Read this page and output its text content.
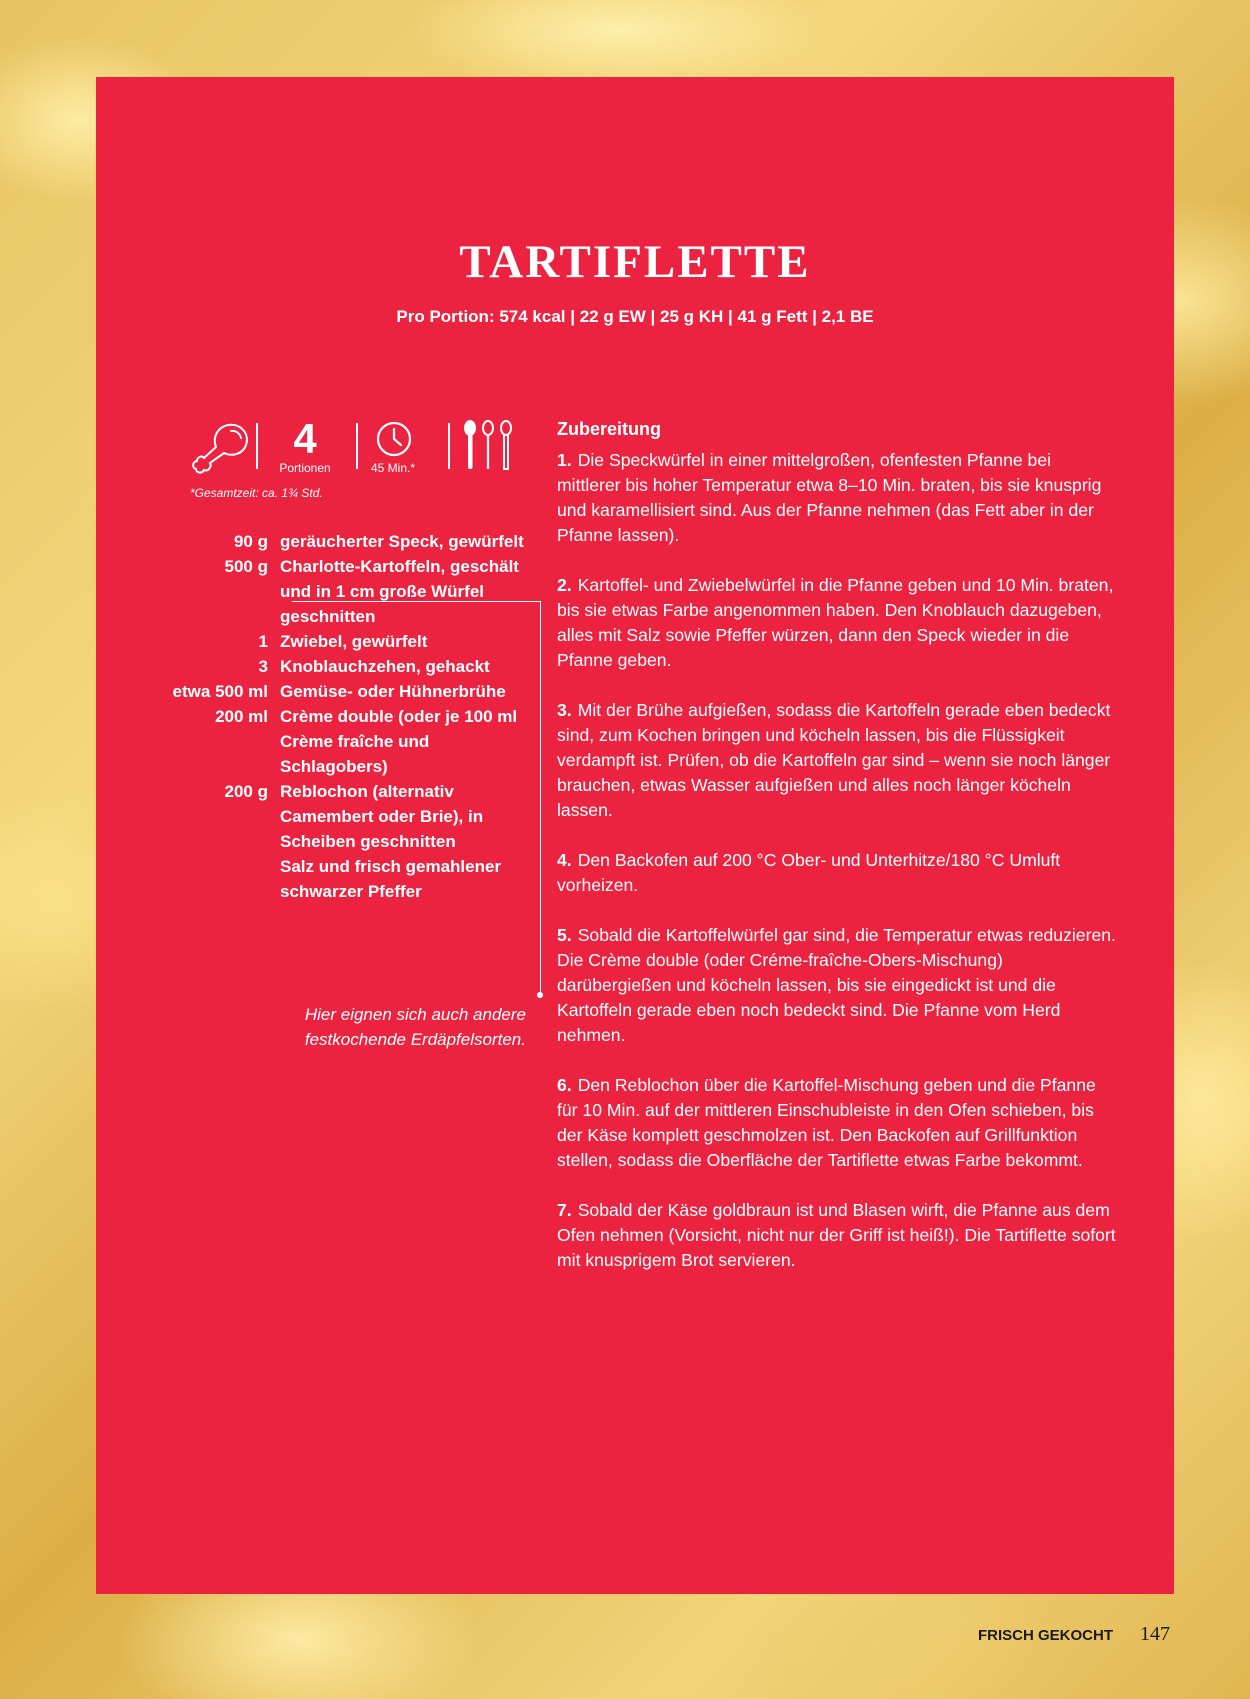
TARTIFLETTE
Pro Portion: 574 kcal | 22 g EW | 25 g KH | 41 g Fett | 2,1 BE
4
Portionen	45 Min.*
*Gesamtzeit: ca. 1¾ Std.
90 g geräucherter Speck, gewürfelt
500 g Charlotte-Kartoffeln, geschält und in 1 cm große Würfel geschnitten
1 Zwiebel, gewürfelt
3 Knoblauchzehen, gehackt
etwa 500 ml Gemüse- oder Hühnerbrühe
200 ml Crème double (oder je 100 ml Crème fraîche und Schlagobers)
200 g Reblochon (alternativ Camembert oder Brie), in Scheiben geschnitten
Salz und frisch gemahlener schwarzer Pfeffer
Hier eignen sich auch andere festkochende Erdäpfelsorten.
Zubereitung

1. Die Speckwürfel in einer mittelgroßen, ofenfesten Pfanne bei mittlerer bis hoher Temperatur etwa 8–10 Min. braten, bis sie knusprig und karamellisiert sind. Aus der Pfanne nehmen (das Fett aber in der Pfanne lassen).

2. Kartoffel- und Zwiebelwürfel in die Pfanne geben und 10 Min. braten, bis sie etwas Farbe angenommen haben. Den Knoblauch dazugeben, alles mit Salz sowie Pfeffer würzen, dann den Speck wieder in die Pfanne geben.

3. Mit der Brühe aufgießen, sodass die Kartoffeln gerade eben bedeckt sind, zum Kochen bringen und köcheln lassen, bis die Flüssigkeit verdampft ist. Prüfen, ob die Kartoffeln gar sind – wenn sie noch länger brauchen, etwas Wasser aufgießen und alles noch länger köcheln lassen.

4. Den Backofen auf 200 °C Ober- und Unterhitze/180 °C Umluft vorheizen.

5. Sobald die Kartoffelwürfel gar sind, die Temperatur etwas reduzieren. Die Crème double (oder Créme-fraîche-Obers-Mischung) darübergießen und köcheln lassen, bis sie eingedickt ist und die Kartoffeln gerade eben noch bedeckt sind. Die Pfanne vom Herd nehmen.

6. Den Reblochon über die Kartoffel-Mischung geben und die Pfanne für 10 Min. auf der mittleren Einschubleiste in den Ofen schieben, bis der Käse komplett geschmolzen ist. Den Backofen auf Grillfunktion stellen, sodass die Oberfläche der Tartiflette etwas Farbe bekommt.

7. Sobald der Käse goldbraun ist und Blasen wirft, die Pfanne aus dem Ofen nehmen (Vorsicht, nicht nur der Griff ist heiß!). Die Tartiflette sofort mit knusprigem Brot servieren.

FRISCH GEKOCHT 147
